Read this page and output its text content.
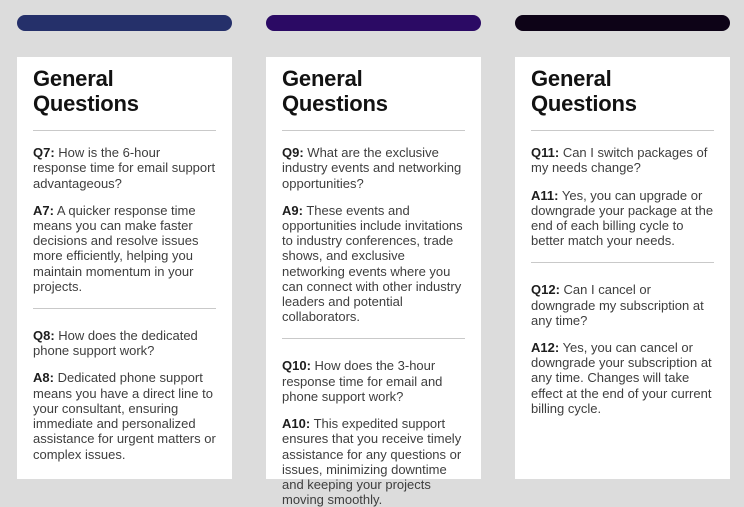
General Questions

Q7: How is the 6-hour response time for email support advantageous?

A7: A quicker response time means you can make faster decisions and resolve issues more efficiently, helping you maintain momentum in your projects.

Q8: How does the dedicated phone support work?

A8: Dedicated phone support means you have a direct line to your consultant, ensuring immediate and personalized assistance for urgent matters or complex issues.

General Questions

Q9: What are the exclusive industry events and networking opportunities?

A9: These events and opportunities include invitations to industry conferences, trade shows, and exclusive networking events where you can connect with other industry leaders and potential collaborators.

Q10: How does the 3-hour response time for email and phone support work?

A10: This expedited support ensures that you receive timely assistance for any questions or issues, minimizing downtime and keeping your projects moving smoothly.

General Questions

Q11: Can I switch packages of my needs change?

A11: Yes, you can upgrade or downgrade your package at the end of each billing cycle to better match your needs.

Q12: Can I cancel or downgrade my subscription at any time?

A12: Yes, you can cancel or downgrade your subscription at any time. Changes will take effect at the end of your current billing cycle.
